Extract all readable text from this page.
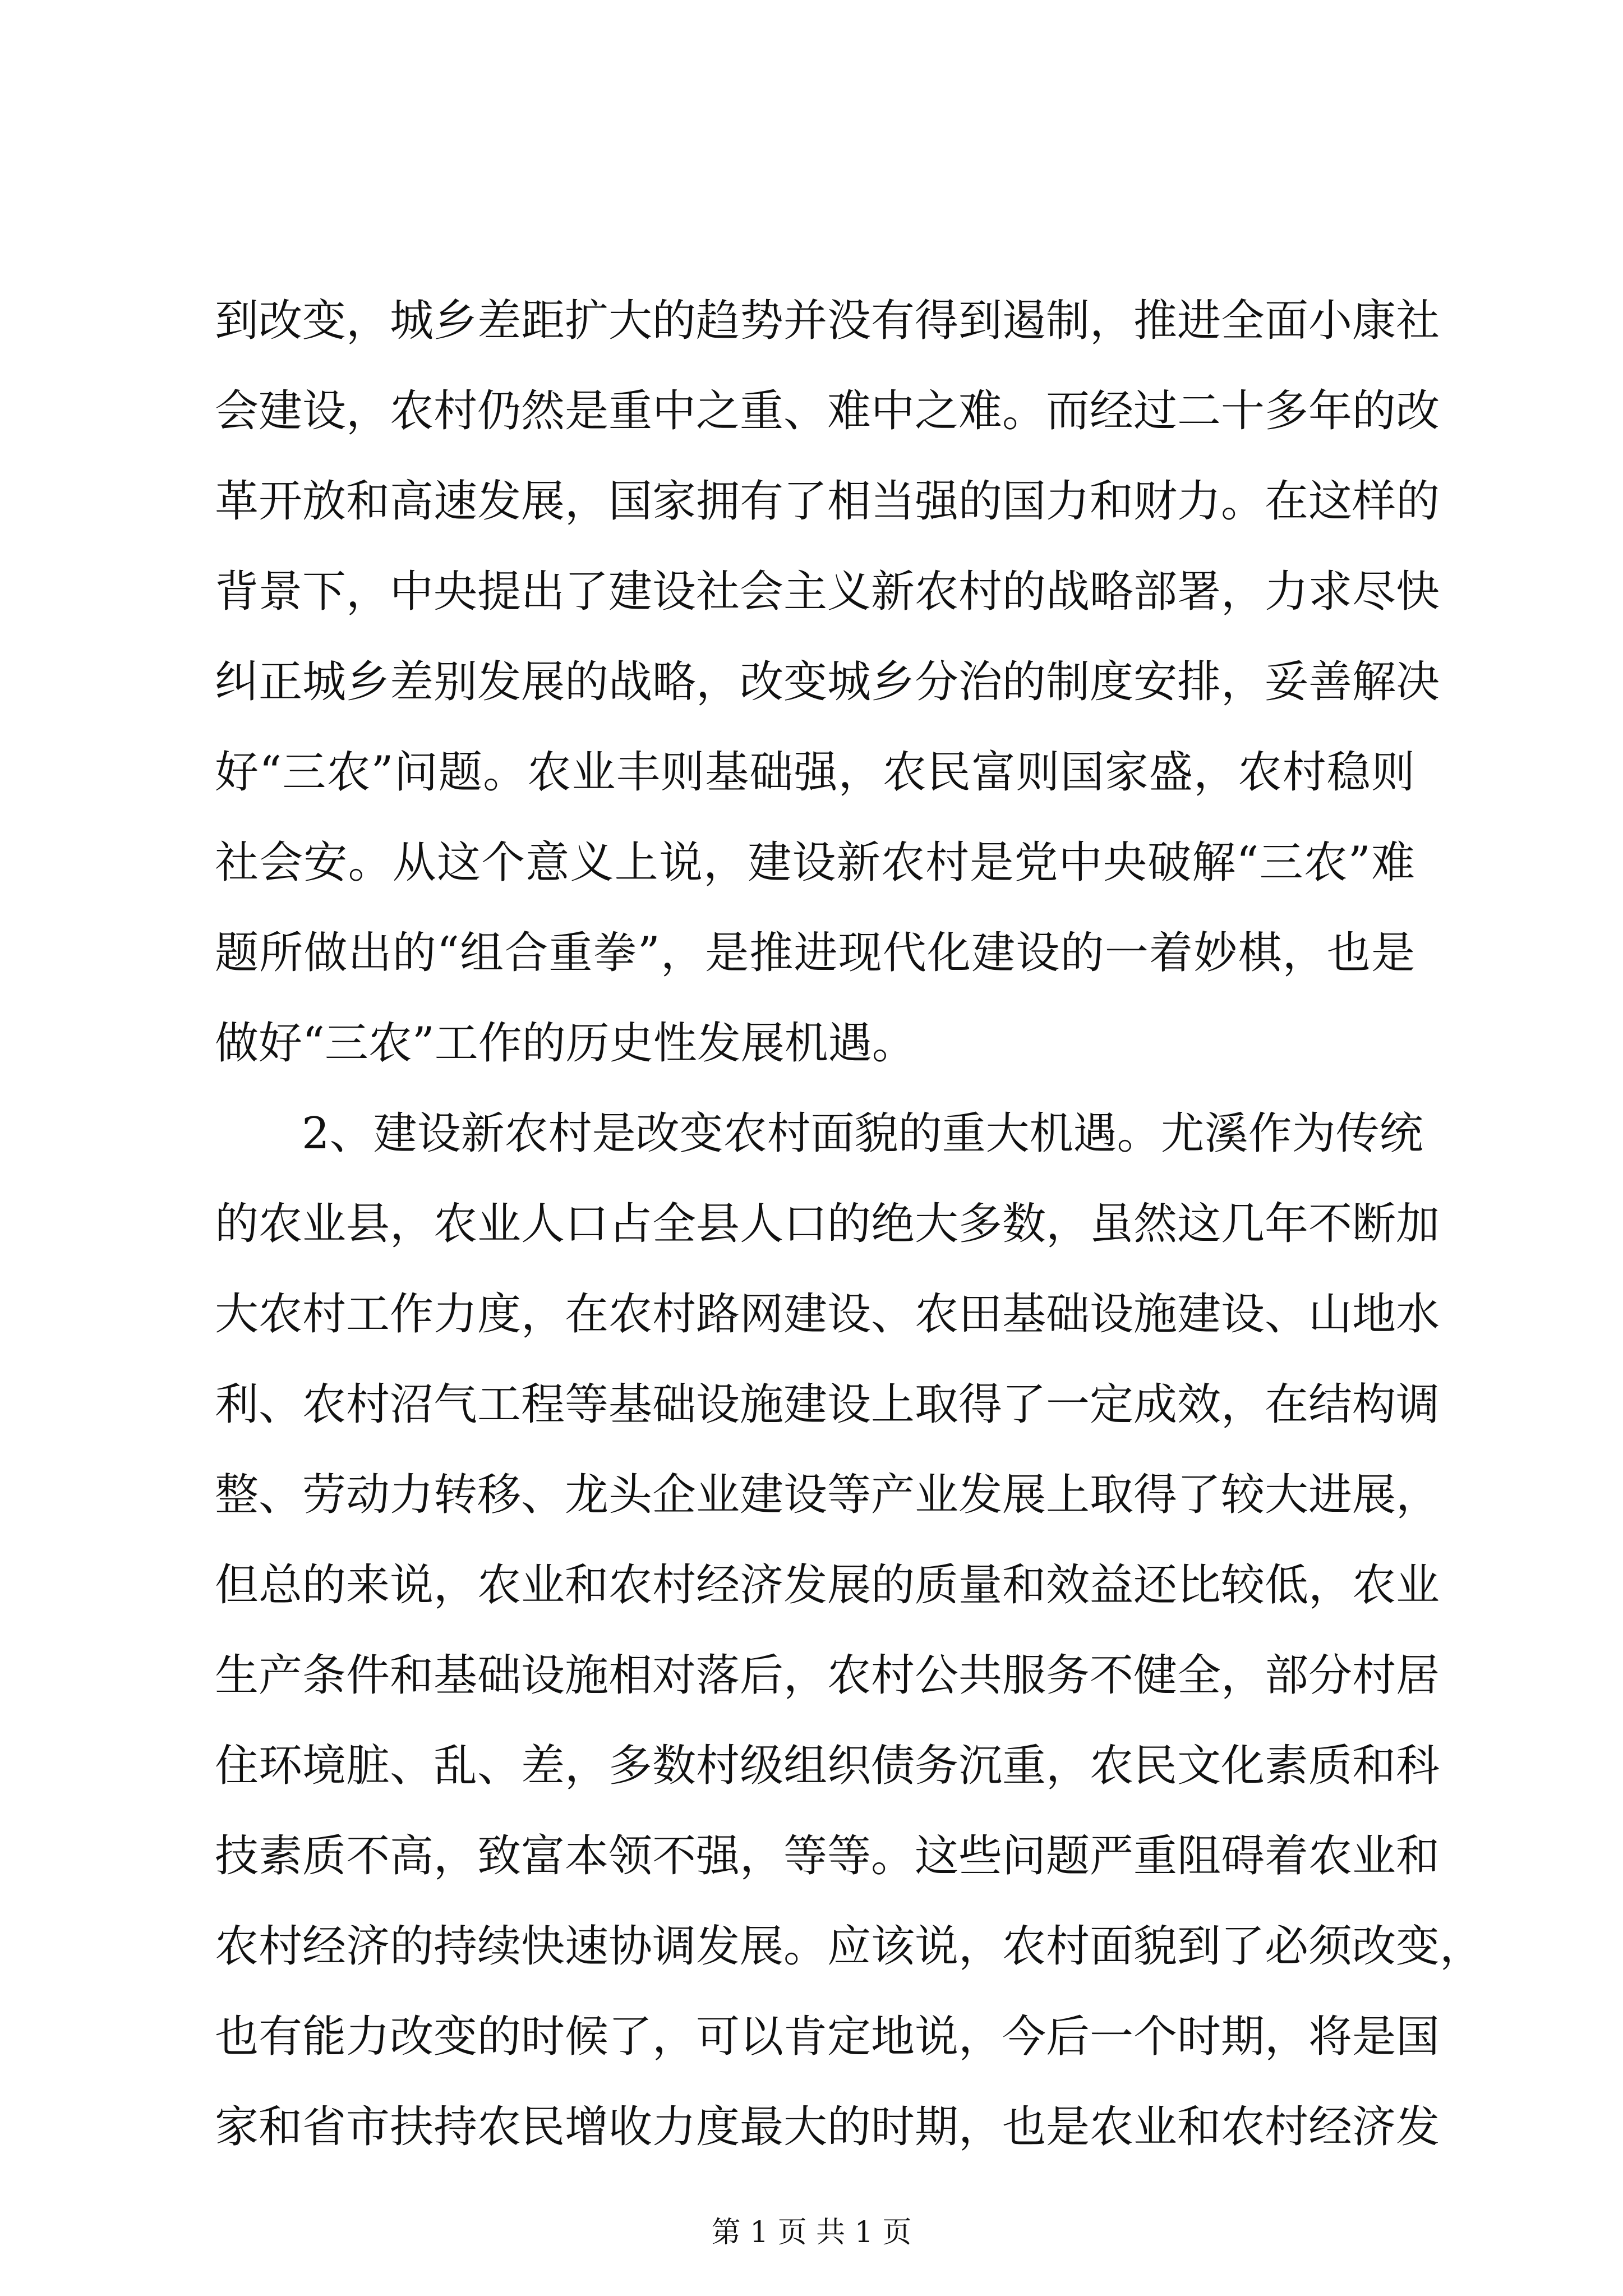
到改变，城乡差距扩大的趋势并没有得到遏制，推进全面小康社
会建设，农村仍然是重中之重、难中之难。而经过二十多年的改
革开放和高速发展，国家拥有了相当强的国力和财力。在这样的
背景下，中央提出了建设社会主义新农村的战略部署，力求尽快
纠正城乡差别发展的战略，改变城乡分治的制度安排，妥善解决
好“三农”问题。农业丰则基础强，农民富则国家盛，农村稳则
社会安。从这个意义上说，建设新农村是党中央破解“三农”难
题所做出的“组合重拳”，是推进现代化建设的一着妙棋，也是
做好“三农”工作的历史性发展机遇。
2、建设新农村是改变农村面貌的重大机遇。尤溪作为传统
的农业县，农业人口占全县人口的绝大多数，虽然这几年不断加
大农村工作力度，在农村路网建设、农田基础设施建设、山地水
利、农村沼气工程等基础设施建设上取得了一定成效，在结构调
整、劳动力转移、龙头企业建设等产业发展上取得了较大进展，
但总的来说，农业和农村经济发展的质量和效益还比较低，农业
生产条件和基础设施相对落后，农村公共服务不健全，部分村居
住环境脏、乱、差，多数村级组织债务沉重，农民文化素质和科
技素质不高，致富本领不强，等等。这些问题严重阻碍着农业和
农村经济的持续快速协调发展。应该说，农村面貌到了必须改变，
也有能力改变的时候了，可以肯定地说，今后一个时期，将是国
家和省市扶持农民增收力度最大的时期，也是农业和农村经济发
第 1 页 共 1 页
